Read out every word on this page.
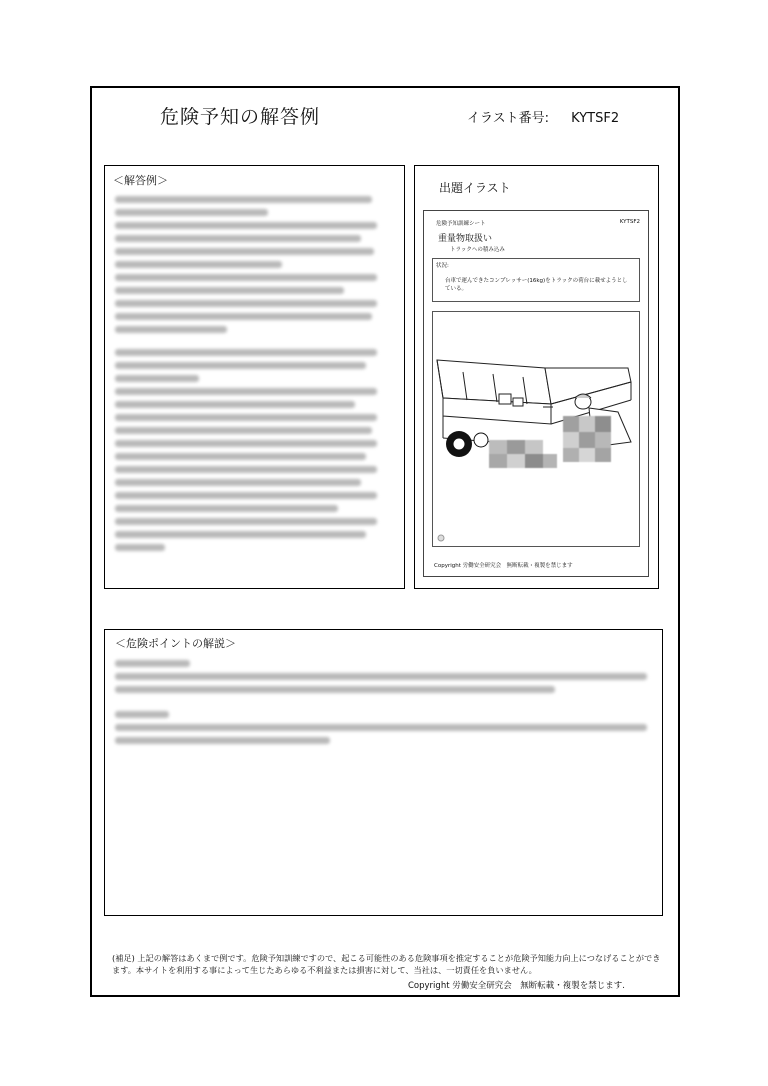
危険予知の解答例	イラスト番号: KYTSF2
＜解答例＞
出題イラスト
危険予知訓練シート	KYTSF2
重量物取扱い
トラックへの積み込み
状況:
台車で運んできたコンプレッサー(16kg)をトラックの荷台に載せようとしている。
Copyright 労働安全研究会　無断転載・複製を禁じます
＜危険ポイントの解説＞
(補足) 上記の解答はあくまで例です。危険予知訓練ですので、起こる可能性のある危険事項を推定することが危険予知能力向上につなげることができます。本サイトを利用する事によって生じたあらゆる不利益または損害に対して、当社は、一切責任を負いません。
Copyright 労働安全研究会　無断転載・複製を禁じます.
